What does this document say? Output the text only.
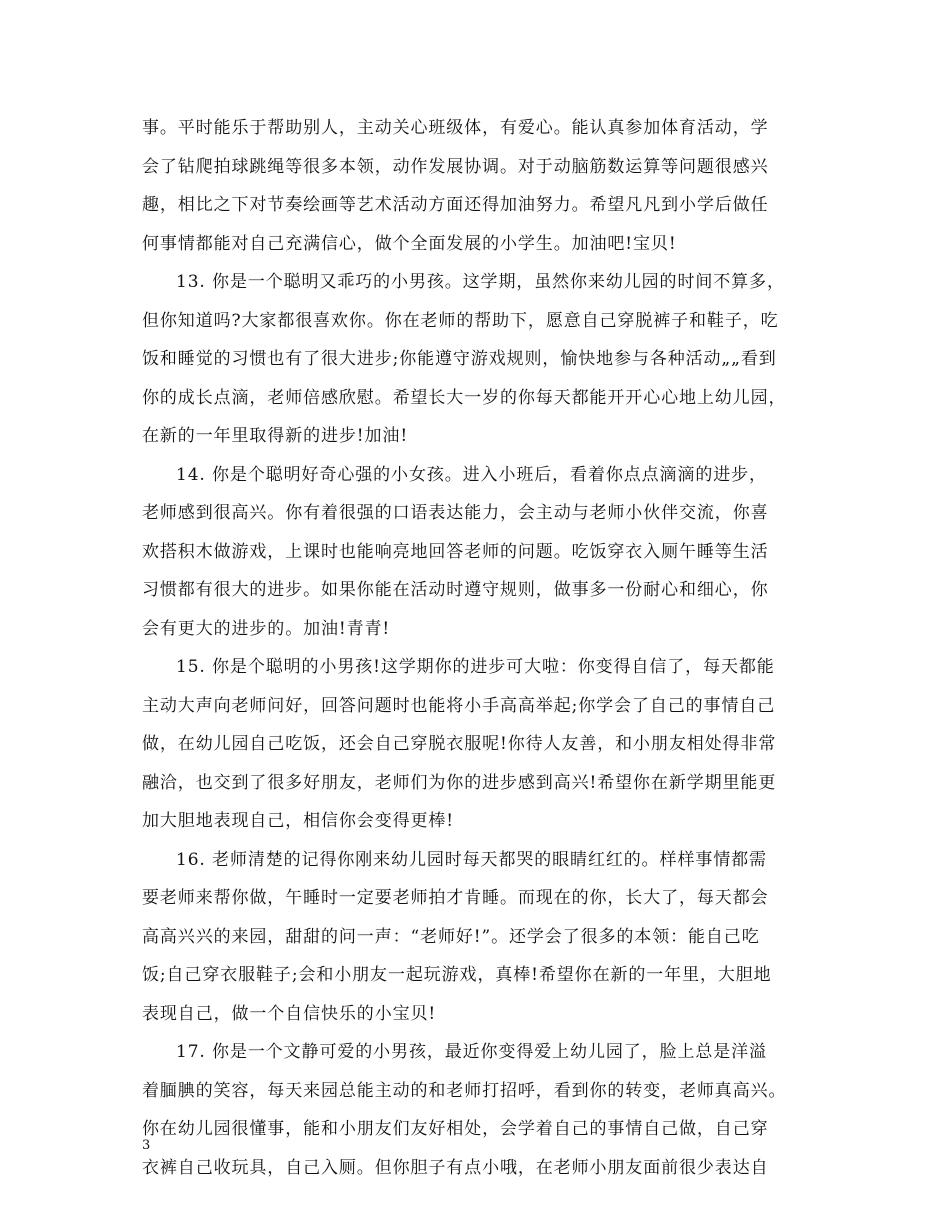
事。平时能乐于帮助别人，主动关心班级体，有爱心。能认真参加体育活动，学
会了钻爬拍球跳绳等很多本领，动作发展协调。对于动脑筋数运算等问题很感兴
趣，相比之下对节奏绘画等艺术活动方面还得加油努力。希望凡凡到小学后做任
何事情都能对自己充满信心，做个全面发展的小学生。加油吧!宝贝!
13. 你是一个聪明又乖巧的小男孩。这学期，虽然你来幼儿园的时间不算多，
但你知道吗?大家都很喜欢你。你在老师的帮助下，愿意自己穿脱裤子和鞋子，吃
饭和睡觉的习惯也有了很大进步;你能遵守游戏规则，愉快地参与各种活动„„看到
你的成长点滴，老师倍感欣慰。希望长大一岁的你每天都能开开心心地上幼儿园，
在新的一年里取得新的进步!加油!
14. 你是个聪明好奇心强的小女孩。进入小班后，看着你点点滴滴的进步，
老师感到很高兴。你有着很强的口语表达能力，会主动与老师小伙伴交流，你喜
欢搭积木做游戏，上课时也能响亮地回答老师的问题。吃饭穿衣入厕午睡等生活
习惯都有很大的进步。如果你能在活动时遵守规则，做事多一份耐心和细心，你
会有更大的进步的。加油!青青!
15. 你是个聪明的小男孩!这学期你的进步可大啦：你变得自信了，每天都能
主动大声向老师问好，回答问题时也能将小手高高举起;你学会了自己的事情自己
做，在幼儿园自己吃饭，还会自己穿脱衣服呢!你待人友善，和小朋友相处得非常
融洽，也交到了很多好朋友，老师们为你的进步感到高兴!希望你在新学期里能更
加大胆地表现自己，相信你会变得更棒!
16. 老师清楚的记得你刚来幼儿园时每天都哭的眼睛红红的。样样事情都需
要老师来帮你做，午睡时一定要老师拍才肯睡。而现在的你，长大了，每天都会
高高兴兴的来园，甜甜的问一声：“老师好!”。还学会了很多的本领：能自己吃
饭;自己穿衣服鞋子;会和小朋友一起玩游戏，真棒!希望你在新的一年里，大胆地
表现自己，做一个自信快乐的小宝贝!
17. 你是一个文静可爱的小男孩，最近你变得爱上幼儿园了，脸上总是洋溢
着腼腆的笑容，每天来园总能主动的和老师打招呼，看到你的转变，老师真高兴。
你在幼儿园很懂事，能和小朋友们友好相处，会学着自己的事情自己做，自己穿
衣裤自己收玩具，自己入厕。但你胆子有点小哦，在老师小朋友面前很少表达自
3
